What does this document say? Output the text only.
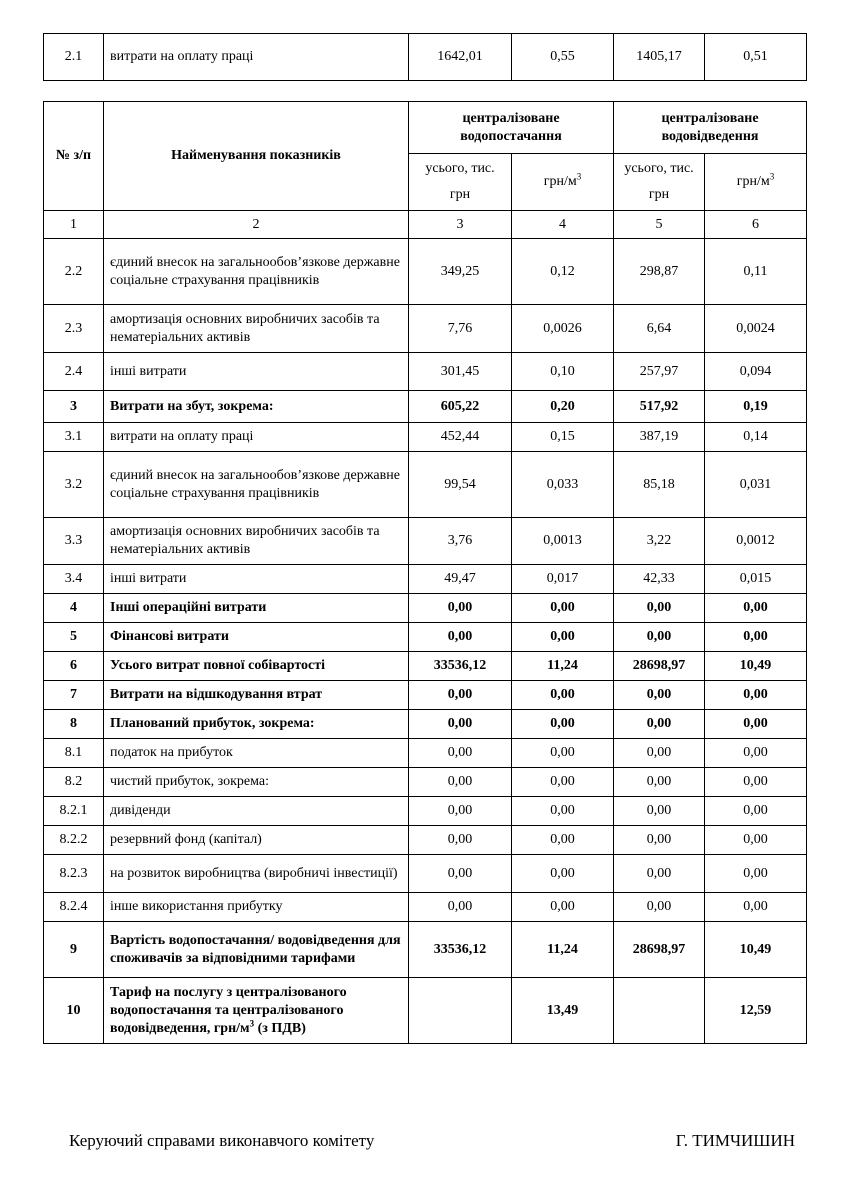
2.1	витрати на оплату праці	1642,01	0,55	1405,17	0,51
№ з/п	Найменування показників	централізоване водопостачання		централізоване водовідведення	
		усього, тис. грн	грн/$м^3$	усього, тис. грн	грн/$м^3$
1	2	3	4	5	6
2.2	єдиний внесок на загальнообов’язкове державне соціальне страхування працівників	349,25	0,12	298,87	0,11
2.3	амортизація основних виробничих засобів та нематеріальних активів	7,76	0,0026	6,64	0,0024
2.4	інші витрати	301,45	0,10	257,97	0,094
3	Витрати на збут, зокрема:	605,22	0,20	517,92	0,19
3.1	витрати на оплату праці	452,44	0,15	387,19	0,14
3.2	єдиний внесок на загальнообов’язкове державне соціальне страхування працівників	99,54	0,033	85,18	0,031
3.3	амортизація основних виробничих засобів та нематеріальних активів	3,76	0,0013	3,22	0,0012
3.4	інші витрати	49,47	0,017	42,33	0,015
4	Інші операційні витрати	0,00	0,00	0,00	0,00
5	Фінансові витрати	0,00	0,00	0,00	0,00
6	Усього витрат повної собівартості	33536,12	11,24	28698,97	10,49
7	Витрати на відшкодування втрат	0,00	0,00	0,00	0,00
8	Планований прибуток, зокрема:	0,00	0,00	0,00	0,00
8.1	податок на прибуток	0,00	0,00	0,00	0,00
8.2	чистий прибуток, зокрема:	0,00	0,00	0,00	0,00
8.2.1	дивіденди	0,00	0,00	0,00	0,00
8.2.2	резервний фонд (капітал)	0,00	0,00	0,00	0,00
8.2.3	на розвиток виробництва (виробничі інвестиції)	0,00	0,00	0,00	0,00
8.2.4	інше використання прибутку	0,00	0,00	0,00	0,00
9	Вартість водопостачання/ водовідведення для споживачів за відповідними тарифами	33536,12	11,24	28698,97	10,49
10	Тариф на послугу з централізованого водопостачання та централізованого водовідведення, грн/$м^3$ (з ПДВ)		13,49		12,59
Керуючий справами виконавчого комітету	Г. ТИМЧИШИН
